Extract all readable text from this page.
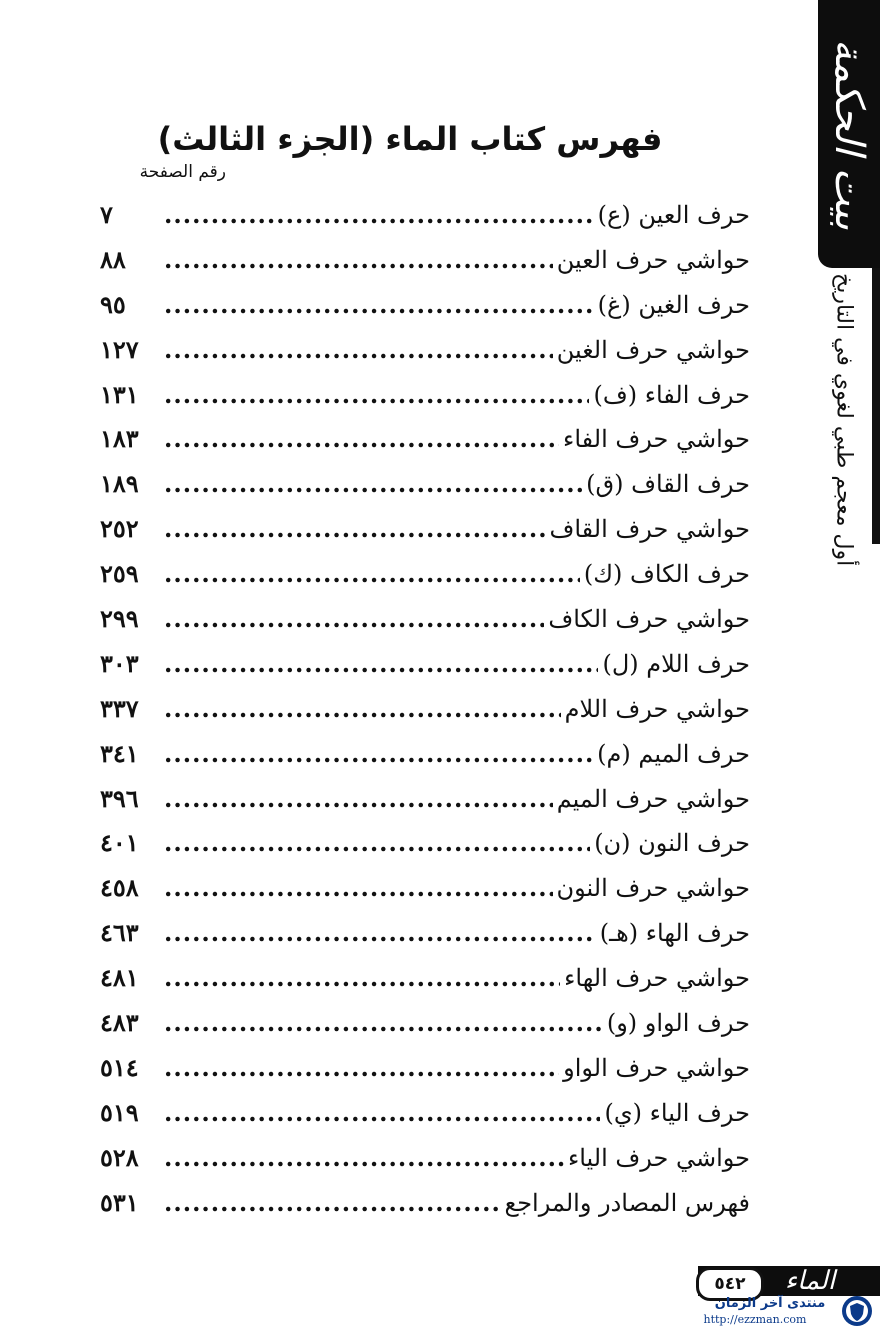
بيت الحكمة
أول معجم طبي لغوي في التاريخ
فهرس كتاب الماء (الجزء الثالث)
رقم الصفحة
حرف العين (ع)
.....
٧
حواشي حرف العين
.....
٨٨
حرف الغين (غ)
.....
٩٥
حواشي حرف الغين
.....
١٢٧
حرف الفاء (ف)
.....
١٣١
حواشي حرف الفاء
.....
١٨٣
حرف القاف (ق)
.....
١٨٩
حواشي حرف القاف
.....
٢٥٢
حرف الكاف (ك)
.....
٢٥٩
حواشي حرف الكاف
.....
٢٩٩
حرف اللام (ل)
.....
٣٠٣
حواشي حرف اللام
.....
٣٣٧
حرف الميم (م)
.....
٣٤١
حواشي حرف الميم
.....
٣٩٦
حرف النون (ن)
.....
٤٠١
حواشي حرف النون
.....
٤٥٨
حرف الهاء (هـ)
.....
٤٦٣
حواشي حرف الهاء
.....
٤٨١
حرف الواو (و)
.....
٤٨٣
حواشي حرف الواو
.....
٥١٤
حرف الياء (ي)
.....
٥١٩
حواشي حرف الياء
.....
٥٢٨
فهرس المصادر والمراجع
.....
٥٣١
الماء
٥٤٢
منتدى آخر الزمان
http://ezzman.com
